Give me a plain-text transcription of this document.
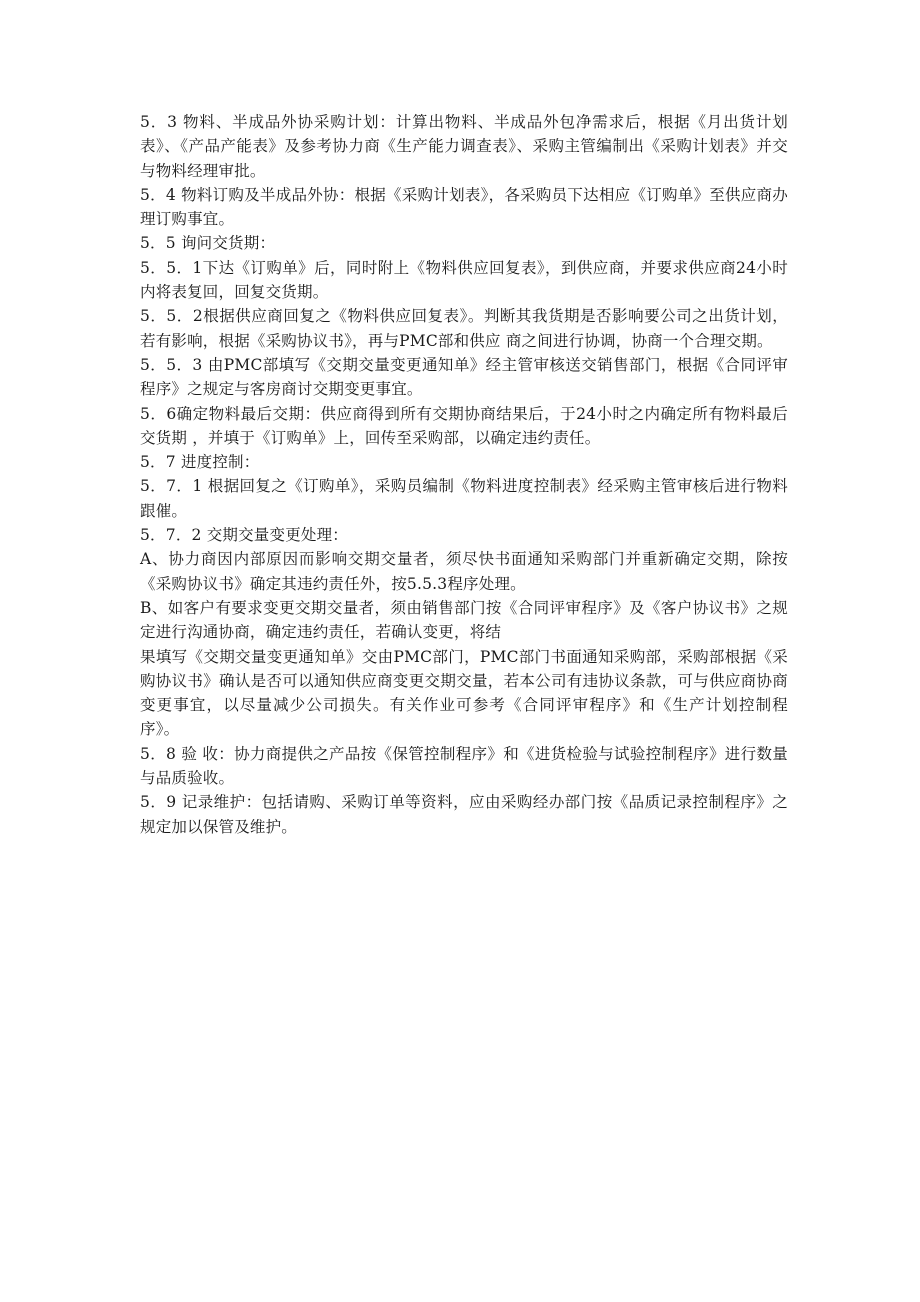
5．3 物料、半成品外协采购计划：计算出物料、半成品外包净需求后，根据《月出货计划表》、《产品产能表》及参考协力商《生产能力调查表》、采购主管编制出《采购计划表》并交与物料经理审批。

5．4 物料订购及半成品外协：根据《采购计划表》，各采购员下达相应《订购单》至供应商办理订购事宜。

5．5 询问交货期：

5．5．1下达《订购单》后，同时附上《物料供应回复表》，到供应商，并要求供应商24小时内将表复回，回复交货期。

5．5．2根据供应商回复之《物料供应回复表》。判断其我货期是否影响要公司之出货计划，若有影响，根据《采购协议书》，再与PMC部和供应 商之间进行协调，协商一个合理交期。

5．5．3 由PMC部填写《交期交量变更通知单》经主管审核送交销售部门，根据《合同评审程序》之规定与客房商讨交期变更事宜。

5．6确定物料最后交期：供应商得到所有交期协商结果后，于24小时之内确定所有物料最后交货期 ，并填于《订购单》上，回传至采购部，以确定违约责任。

5．7 进度控制：

5．7．1 根据回复之《订购单》，采购员编制《物料进度控制表》经采购主管审核后进行物料跟催。

5．7．2 交期交量变更处理：

A、协力商因内部原因而影响交期交量者，须尽快书面通知采购部门并重新确定交期，除按《采购协议书》确定其违约责任外，按5.5.3程序处理。

B、如客户有要求变更交期交量者，须由销售部门按《合同评审程序》及《客户协议书》之规定进行沟通协商，确定违约责任，若确认变更，将结

果填写《交期交量变更通知单》交由PMC部门，PMC部门书面通知采购部，采购部根据《采购协议书》确认是否可以通知供应商变更交期交量，若本公司有违协议条款，可与供应商协商变更事宜，以尽量减少公司损失。有关作业可参考《合同评审程序》和《生产计划控制程序》。

5．8 验 收：协力商提供之产品按《保管控制程序》和《进货检验与试验控制程序》进行数量与品质验收。

5．9 记录维护：包括请购、采购订单等资料，应由采购经办部门按《品质记录控制程序》之规定加以保管及维护。
